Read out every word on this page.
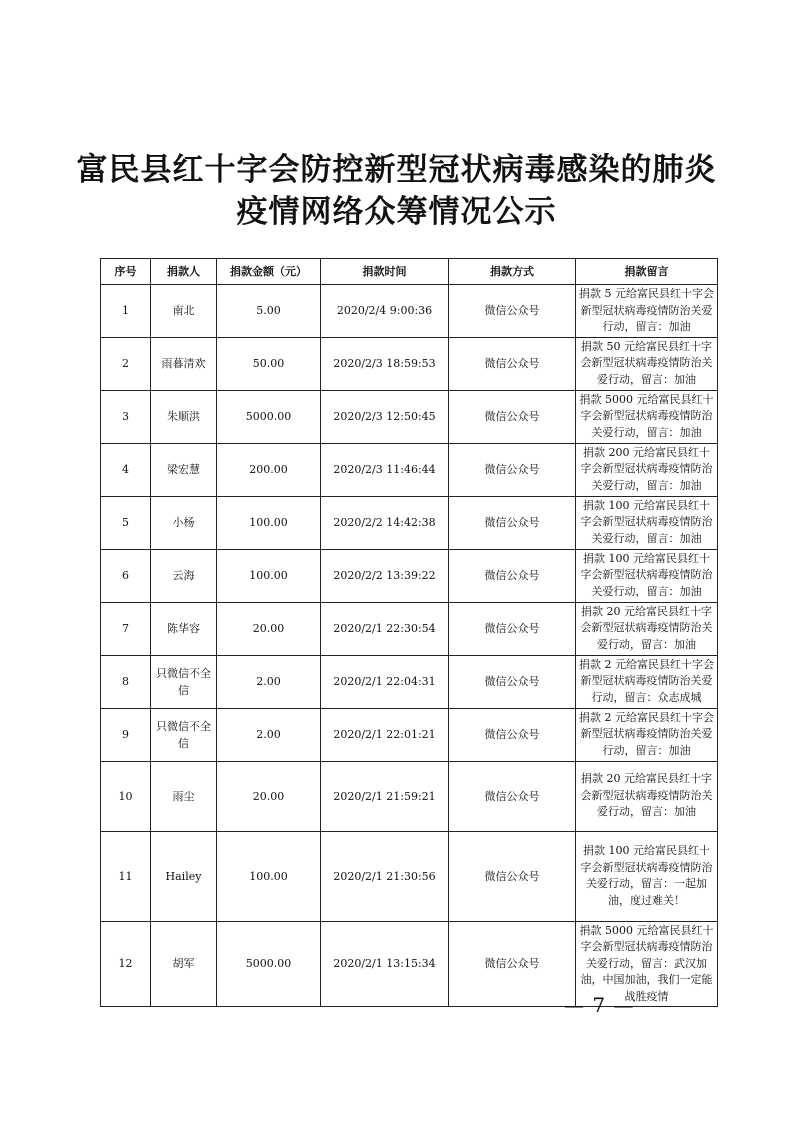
富民县红十字会防控新型冠状病毒感染的肺炎
疫情网络众筹情况公示
序号	捐款人	捐款金额（元）	捐款时间	捐款方式	捐款留言
1	南北	5.00	2020/2/4 9:00:36	微信公众号	捐款 5 元给富民县红十字会新型冠状病毒疫情防治关爱行动，留言：加油
2	雨暮清欢	50.00	2020/2/3 18:59:53	微信公众号	捐款 50 元给富民县红十字会新型冠状病毒疫情防治关爱行动，留言：加油
3	朱顺洪	5000.00	2020/2/3 12:50:45	微信公众号	捐款 5000 元给富民县红十字会新型冠状病毒疫情防治关爱行动，留言：加油
4	梁宏慧	200.00	2020/2/3 11:46:44	微信公众号	捐款 200 元给富民县红十字会新型冠状病毒疫情防治关爱行动，留言：加油
5	小杨	100.00	2020/2/2 14:42:38	微信公众号	捐款 100 元给富民县红十字会新型冠状病毒疫情防治关爱行动，留言：加油
6	云海	100.00	2020/2/2 13:39:22	微信公众号	捐款 100 元给富民县红十字会新型冠状病毒疫情防治关爱行动，留言：加油
7	陈华容	20.00	2020/2/1 22:30:54	微信公众号	捐款 20 元给富民县红十字会新型冠状病毒疫情防治关爱行动，留言：加油
8	只微信不全信	2.00	2020/2/1 22:04:31	微信公众号	捐款 2 元给富民县红十字会新型冠状病毒疫情防治关爱行动，留言：众志成城
9	只微信不全信	2.00	2020/2/1 22:01:21	微信公众号	捐款 2 元给富民县红十字会新型冠状病毒疫情防治关爱行动，留言：加油
10	雨尘	20.00	2020/2/1 21:59:21	微信公众号	捐款 20 元给富民县红十字会新型冠状病毒疫情防治关爱行动，留言：加油
11	Hailey	100.00	2020/2/1 21:30:56	微信公众号	捐款 100 元给富民县红十字会新型冠状病毒疫情防治关爱行动，留言：一起加油，度过难关！
12	胡军	5000.00	2020/2/1 13:15:34	微信公众号	捐款 5000 元给富民县红十字会新型冠状病毒疫情防治关爱行动，留言：武汉加油，中国加油，我们一定能战胜疫情
— 7 —
